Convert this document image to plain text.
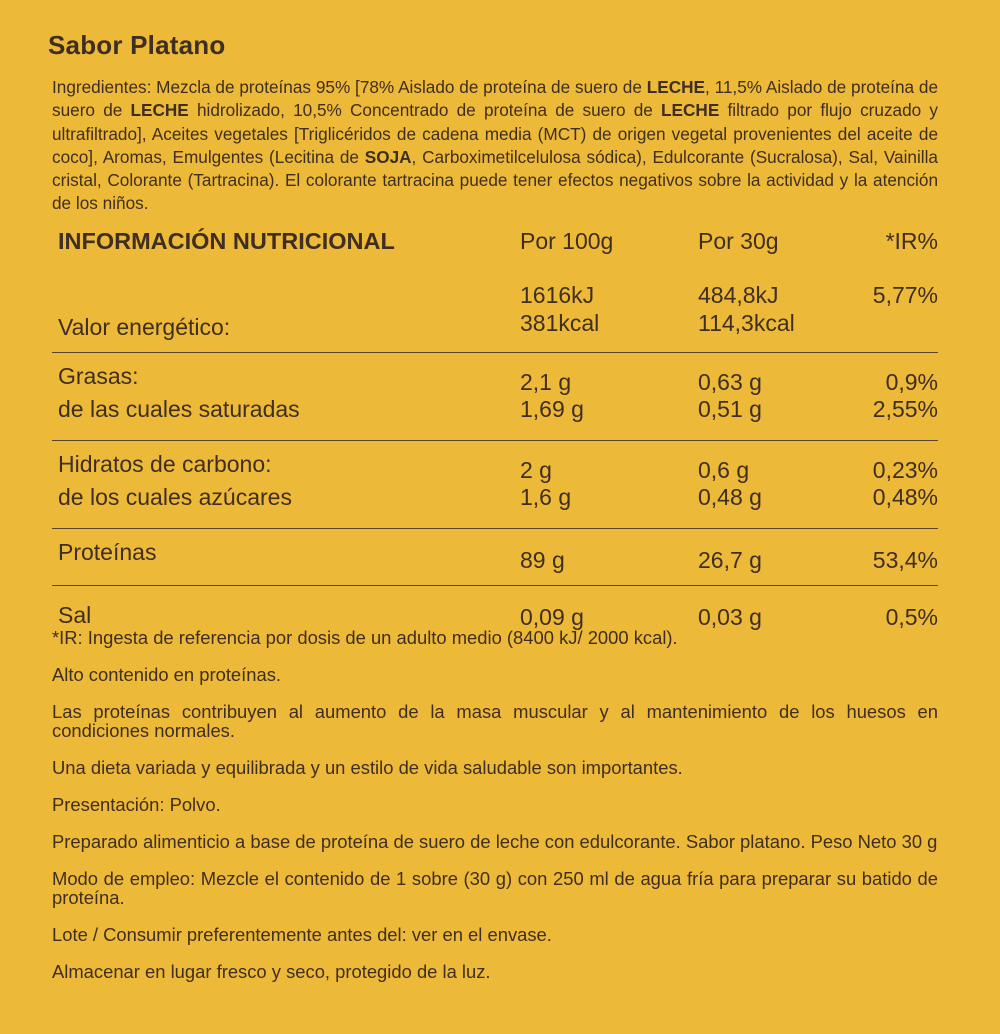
Sabor Platano
Ingredientes: Mezcla de proteínas 95% [78% Aislado de proteína de suero de LECHE, 11,5% Aislado de proteína de suero de LECHE hidrolizado, 10,5% Concentrado de proteína de suero de LECHE filtrado por flujo cruzado y ultrafiltrado], Aceites vegetales [Triglicéridos de cadena media (MCT) de origen vegetal provenientes del aceite de coco], Aromas, Emulgentes (Lecitina de SOJA, Carboximetilcelulosa sódica), Edulcorante (Sucralosa), Sal, Vainilla cristal, Colorante (Tartracina). El colorante tartracina puede tener efectos negativos sobre la actividad y la atención de los niños.
INFORMACIÓN NUTRICIONAL	Por 100g	Por 30g	*IR%
	1616kJ	484,8kJ	5,77%
Valor energético:	381kcal	114,3kcal	
Grasas:	2,1 g	0,63 g	0,9%
de las cuales saturadas	1,69 g	0,51 g	2,55%
Hidratos de carbono:	2 g	0,6 g	0,23%
de los cuales azúcares	1,6 g	0,48 g	0,48%
Proteínas	89 g	26,7 g	53,4%
Sal	0,09 g	0,03 g	0,5%

*IR: Ingesta de referencia por dosis de un adulto medio (8400 kJ/ 2000 kcal).

Alto contenido en proteínas.

Las proteínas contribuyen al aumento de la masa muscular y al mantenimiento de los huesos en condiciones normales.

Una dieta variada y equilibrada y un estilo de vida saludable son importantes.

Presentación: Polvo.

Preparado alimenticio a base de proteína de suero de leche con edulcorante. Sabor platano. Peso Neto 30 g

Modo de empleo: Mezcle el contenido de 1 sobre (30 g) con 250 ml de agua fría para preparar su batido de proteína.

Lote / Consumir preferentemente antes del: ver en el envase.

Almacenar en lugar fresco y seco, protegido de la luz.
